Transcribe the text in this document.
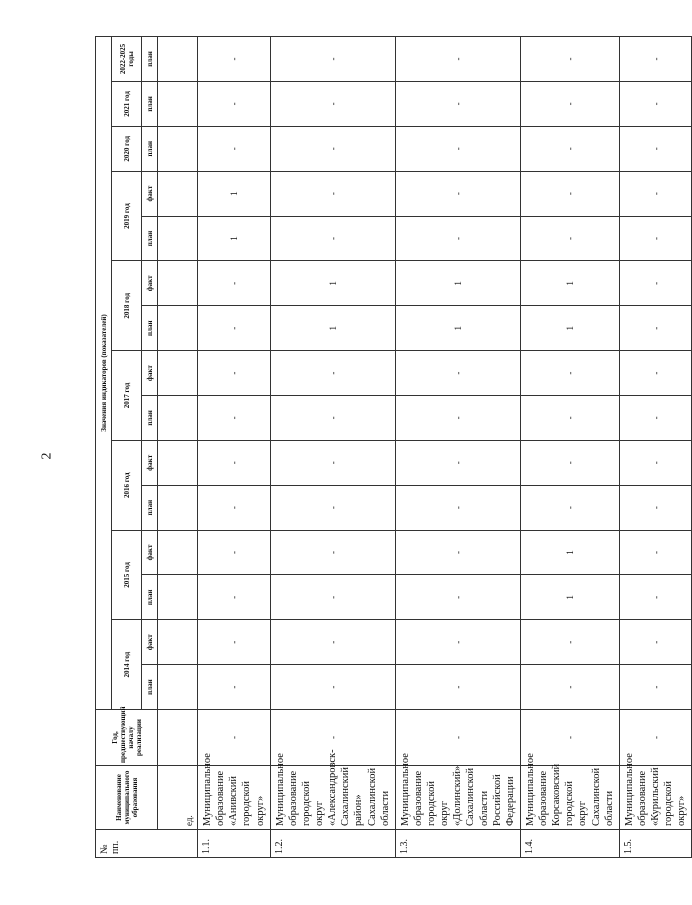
2
№ пп.	Наименование муниципального образования	Год, предшествующий началу реализации	Значения индикаторов (показателей)														
			2014 год		2015 год		2016 год		2017 год		2018 год		2019 год		2020 год	2021 год	2022-2025 годы
			план	факт	план	факт	план	факт	план	факт	план	факт	план	факт	план	план	план
	ед.																
1.1.	Муниципальное образование «Анивский городской округ»	-	-	-	-	-	-	-	-	-	-	-	1	1	-	-	-
1.2.	Муниципальное образование городской округ «Александровск-Сахалинский район» Сахалинской области	-	-	-	-	-	-	-	-	-	1	1	-	-	-	-	-
1.3.	Муниципальное образование городской округ «Долинский» Сахалинской области Российской Федерации	-	-	-	-	-	-	-	-	-	1	1	-	-	-	-	-
1.4.	Муниципальное образование Корсаковский городской округ Сахалинской области	-	-	-	1	1	-	-	-	-	1	1	-	-	-	-	-
1.5.	Муниципальное образование «Курильский городской округ»	-	-	-	-	-	-	-	-	-	-	-	-	-	-	-	-
